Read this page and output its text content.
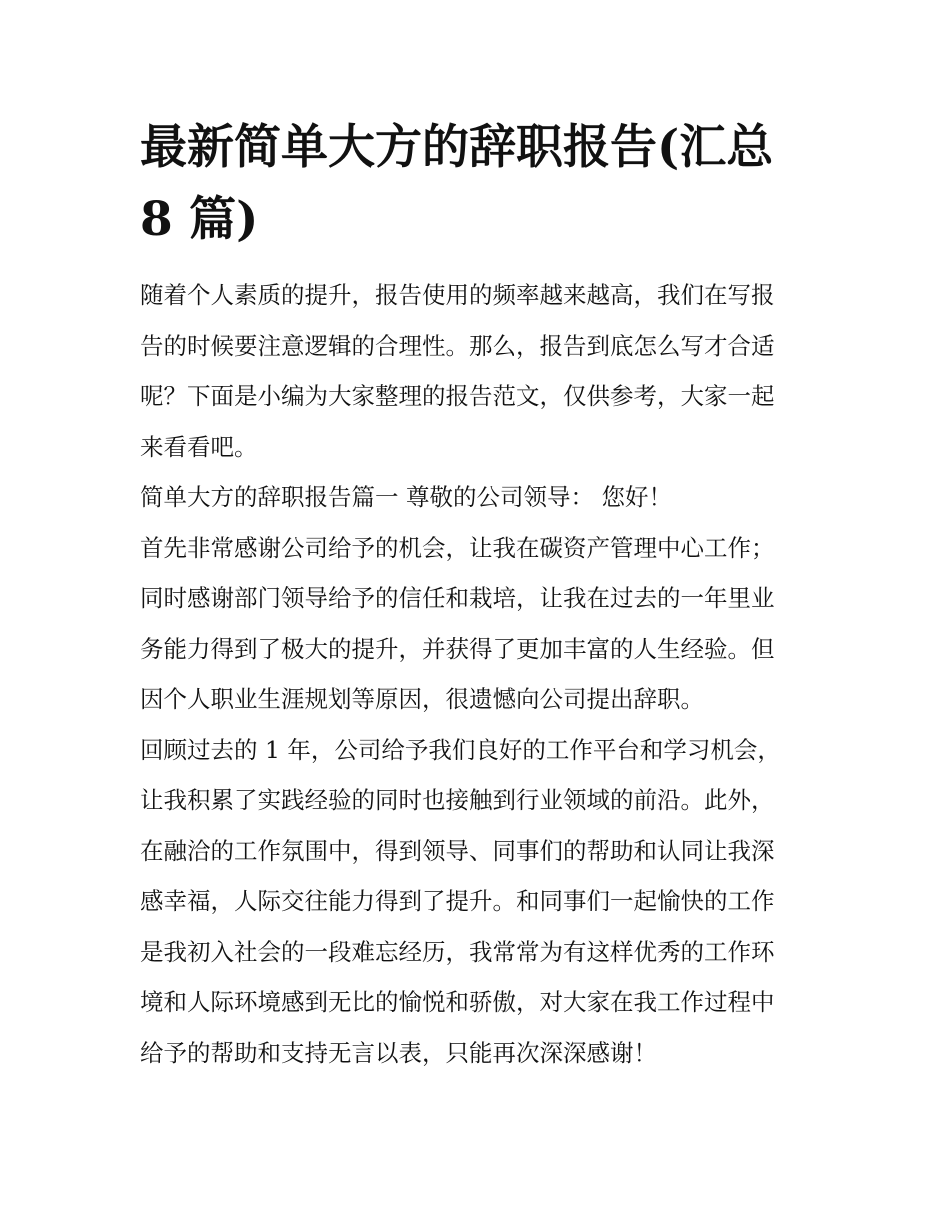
最新简单大方的辞职报告(汇总
8 篇)

随着个人素质的提升，报告使用的频率越来越高，我们在写报
告的时候要注意逻辑的合理性。那么，报告到底怎么写才合适
呢？下面是小编为大家整理的报告范文，仅供参考，大家一起
来看看吧。

简单大方的辞职报告篇一 尊敬的公司领导： 您好！

首先非常感谢公司给予的机会，让我在碳资产管理中心工作；
同时感谢部门领导给予的信任和栽培，让我在过去的一年里业
务能力得到了极大的提升，并获得了更加丰富的人生经验。但
因个人职业生涯规划等原因，很遗憾向公司提出辞职。

回顾过去的 1 年，公司给予我们良好的工作平台和学习机会，
让我积累了实践经验的同时也接触到行业领域的前沿。此外，
在融洽的工作氛围中，得到领导、同事们的帮助和认同让我深
感幸福，人际交往能力得到了提升。和同事们一起愉快的工作
是我初入社会的一段难忘经历，我常常为有这样优秀的工作环
境和人际环境感到无比的愉悦和骄傲，对大家在我工作过程中
给予的帮助和支持无言以表，只能再次深深感谢！
